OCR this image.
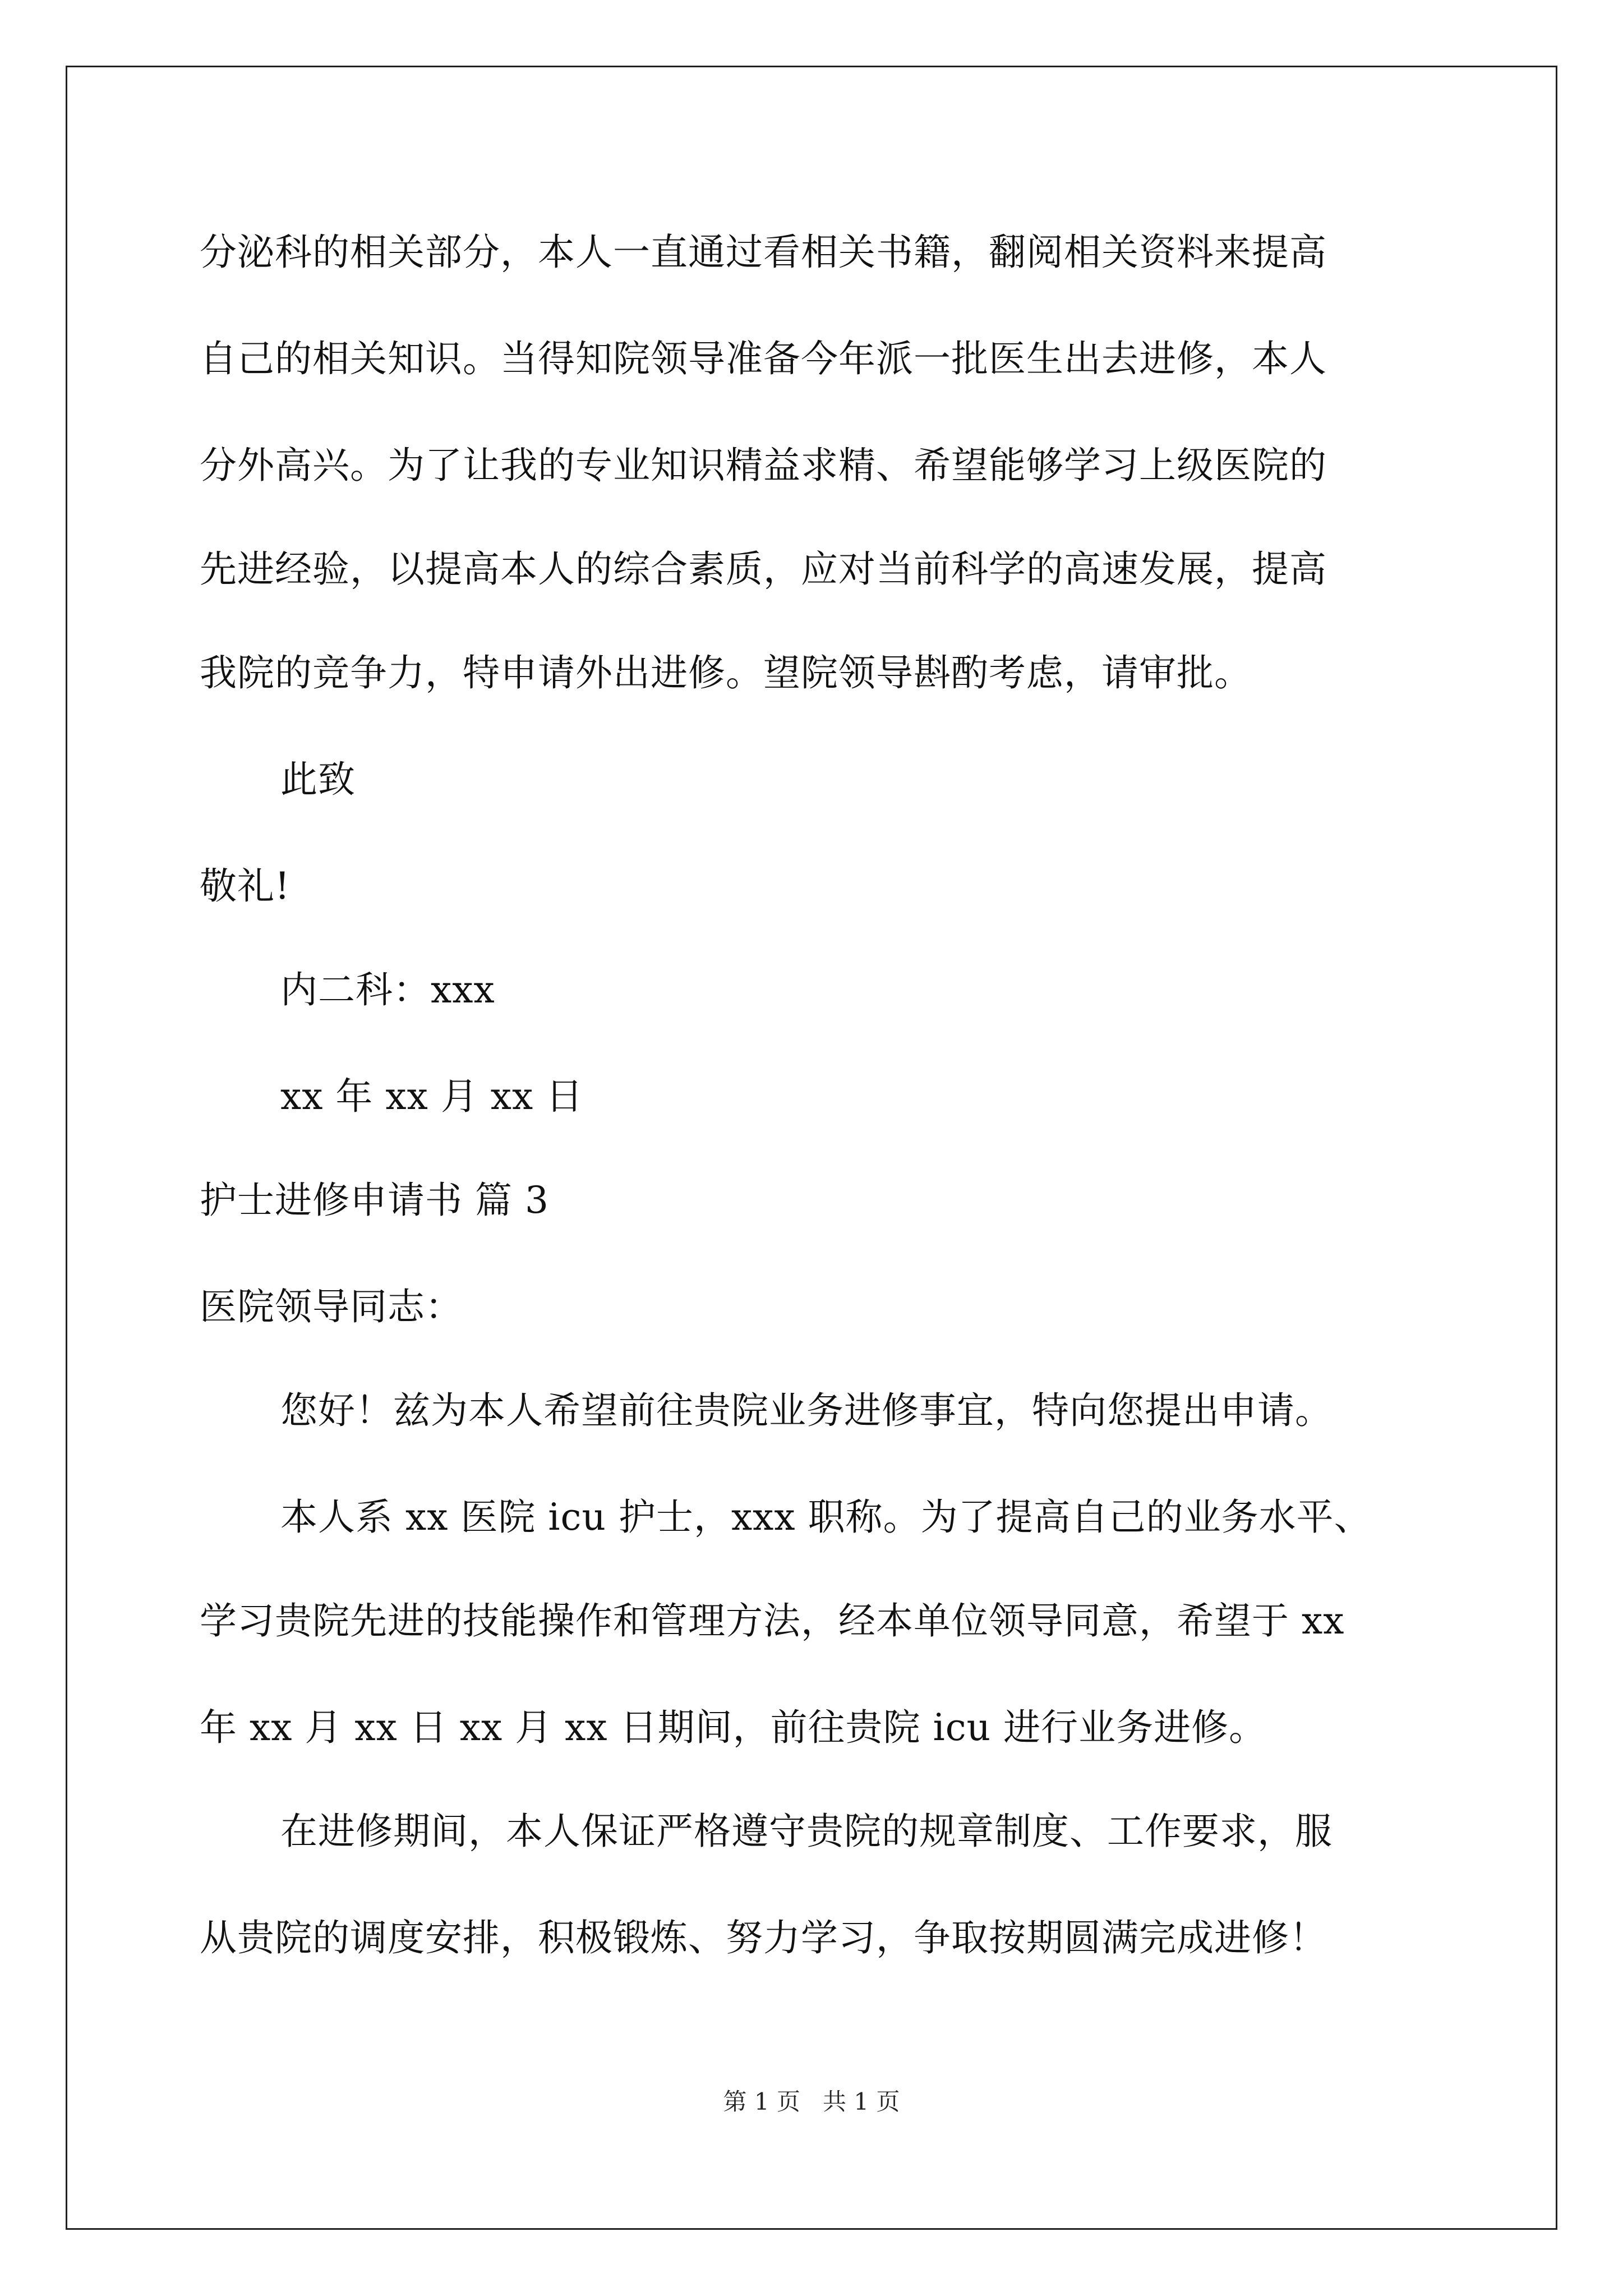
分泌科的相关部分，本人一直通过看相关书籍，翻阅相关资料来提高
自己的相关知识。当得知院领导准备今年派一批医生出去进修，本人
分外高兴。为了让我的专业知识精益求精、希望能够学习上级医院的
先进经验，以提高本人的综合素质，应对当前科学的高速发展，提高
我院的竞争力，特申请外出进修。望院领导斟酌考虑，请审批。
此致
敬礼!
内二科：xxx
xx 年 xx 月 xx 日
护士进修申请书 篇 3
医院领导同志：
您好！兹为本人希望前往贵院业务进修事宜，特向您提出申请。
本人系 xx 医院 icu 护士，xxx 职称。为了提高自己的业务水平、
学习贵院先进的技能操作和管理方法，经本单位领导同意，希望于 xx
年 xx 月 xx 日 xx 月 xx 日期间，前往贵院 icu 进行业务进修。
在进修期间，本人保证严格遵守贵院的规章制度、工作要求，服
从贵院的调度安排，积极锻炼、努力学习，争取按期圆满完成进修！
第 1 页   共 1 页
